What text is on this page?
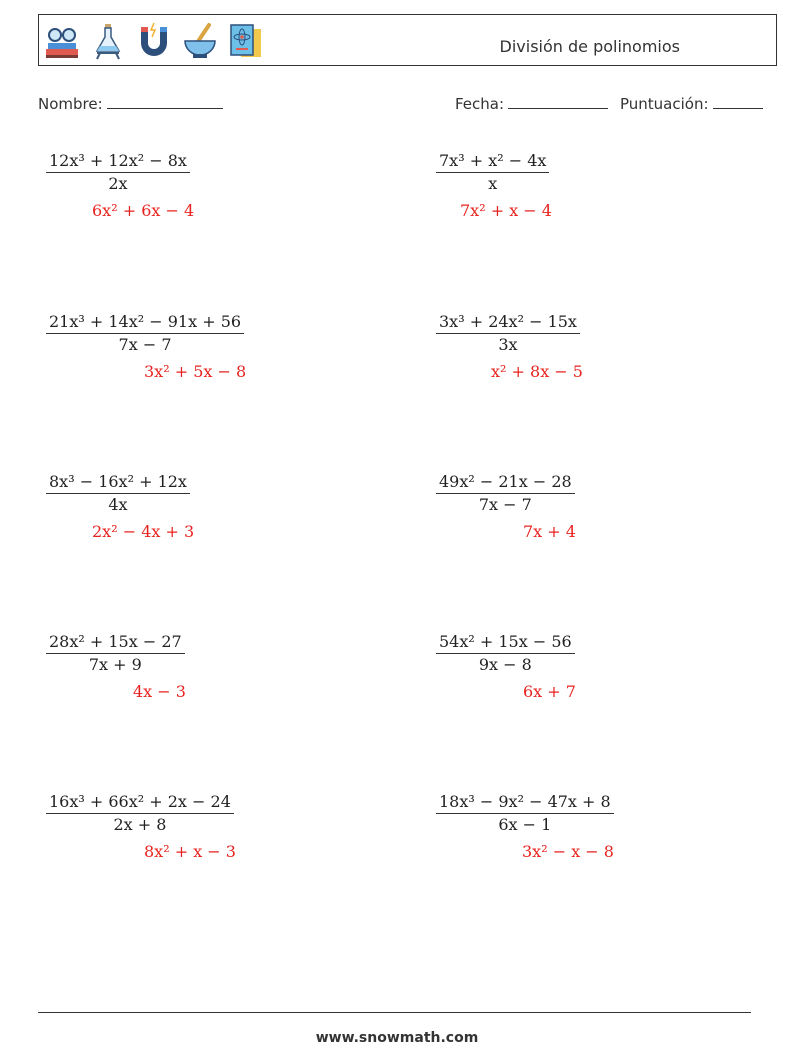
División de polinomios
Nombre:	Fecha:	Puntuación:
$\frac{\text{12x³ + 12x² − 8x}}{2x}$
6x² + 6x − 4
$\frac{\text{7x³ + x² − 4x}}{x}$
7x² + x − 4
$\frac{\text{21x³ + 14x² − 91x + 56}}{7x - 7}$
3x² + 5x − 8
$\frac{\text{3x³ + 24x² − 15x}}{3x}$
x² + 8x − 5
$\frac{\text{8x³ − 16x² + 12x}}{4x}$
2x² − 4x + 3
$\frac{\text{49x² − 21x − 28}}{7x - 7}$
7x + 4
$\frac{\text{28x² + 15x − 27}}{7x + 9}$
4x − 3
$\frac{\text{54x² + 15x − 56}}{9x - 8}$
6x + 7
$\frac{\text{16x³ + 66x² + 2x − 24}}{2x + 8}$
8x² + x − 3
$\frac{\text{18x³ − 9x² − 47x + 8}}{6x - 1}$
3x² − x − 8
www.snowmath.com
